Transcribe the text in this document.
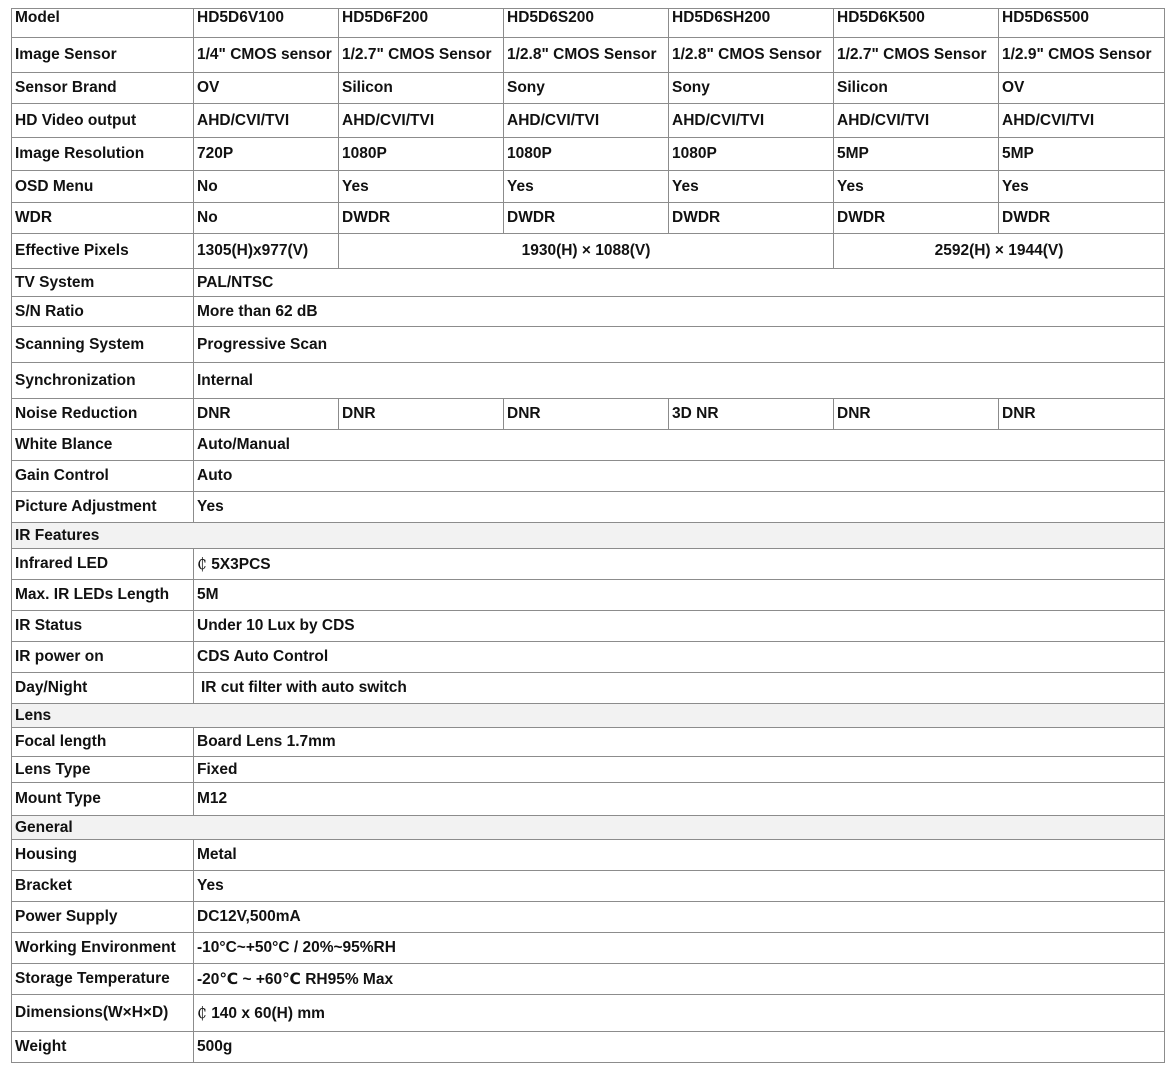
Model	HD5D6V100	HD5D6F200	HD5D6S200	HD5D6SH200	HD5D6K500	HD5D6S500
Image Sensor	1/4" CMOS sensor	1/2.7" CMOS Sensor	1/2.8" CMOS Sensor	1/2.8" CMOS Sensor	1/2.7" CMOS Sensor	1/2.9" CMOS Sensor
Sensor Brand	OV	Silicon	Sony	Sony	Silicon	OV
HD Video output	AHD/CVI/TVI	AHD/CVI/TVI	AHD/CVI/TVI	AHD/CVI/TVI	AHD/CVI/TVI	AHD/CVI/TVI
Image Resolution	720P	1080P	1080P	1080P	5MP	5MP
OSD Menu	No	Yes	Yes	Yes	Yes	Yes
WDR	No	DWDR	DWDR	DWDR	DWDR	DWDR
Effective Pixels	1305(H)x977(V)	1930(H) × 1088(V)			2592(H) × 1944(V)	
TV System	PAL/NTSC					
S/N Ratio	More than 62 dB					
Scanning System	Progressive Scan					
Synchronization	Internal					
Noise Reduction	DNR	DNR	DNR	3D NR	DNR	DNR
White Blance	Auto/Manual					
Gain Control	Auto					
Picture Adjustment	Yes					
IR Features						
Infrared LED	₵ 5X3PCS					
Max. IR LEDs Length	5M					
IR Status	Under 10 Lux by CDS					
IR power on	CDS Auto Control					
Day/Night	IR cut filter with auto switch					
Lens						
Focal length	Board Lens 1.7mm					
Lens Type	Fixed					
Mount Type	M12					
General						
Housing	Metal					
Bracket	Yes					
Power Supply	DC12V,500mA					
Working Environment	-10°C~+50°C / 20%~95%RH					
Storage Temperature	-20℃ ~ +60℃ RH95% Max					
Dimensions(W×H×D)	₵ 140 x 60(H) mm					
Weight	500g					
